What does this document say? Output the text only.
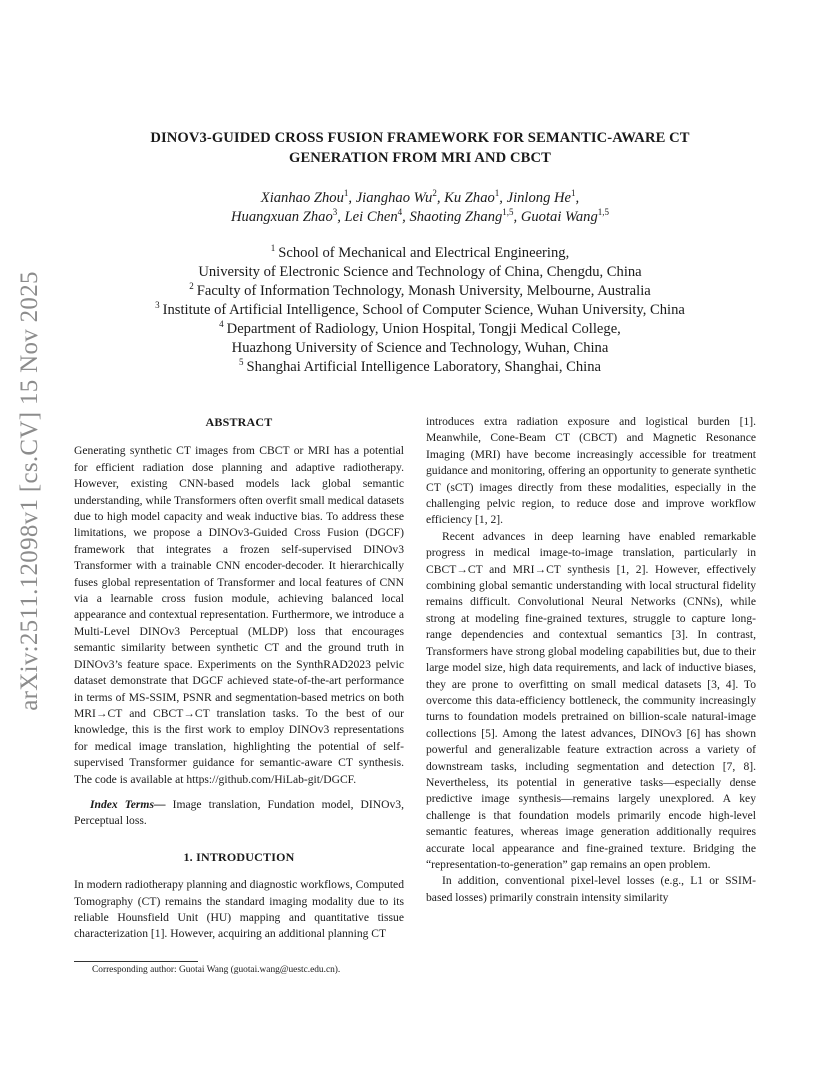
arXiv:2511.12098v1 [cs.CV] 15 Nov 2025
DINOV3-GUIDED CROSS FUSION FRAMEWORK FOR SEMANTIC-AWARE CT
GENERATION FROM MRI AND CBCT
Xianhao Zhou$^1$, Jianghao Wu$^2$, Ku Zhao$^1$, Jinlong He$^1$,
Huangxuan Zhao$^3$, Lei Chen$^4$, Shaoting Zhang$^{1,5}$, Guotai Wang$^{1,5}$
$^1$ School of Mechanical and Electrical Engineering,
University of Electronic Science and Technology of China, Chengdu, China
$^2$ Faculty of Information Technology, Monash University, Melbourne, Australia
$^3$ Institute of Artificial Intelligence, School of Computer Science, Wuhan University, China
$^4$ Department of Radiology, Union Hospital, Tongji Medical College,
Huazhong University of Science and Technology, Wuhan, China
$^5$ Shanghai Artificial Intelligence Laboratory, Shanghai, China
ABSTRACT

Generating synthetic CT images from CBCT or MRI has a potential for efficient radiation dose planning and adaptive radiotherapy. However, existing CNN-based models lack global semantic understanding, while Transformers often overfit small medical datasets due to high model capacity and weak inductive bias. To address these limitations, we propose a DINOv3-Guided Cross Fusion (DGCF) framework that integrates a frozen self-supervised DINOv3 Transformer with a trainable CNN encoder-decoder. It hierarchically fuses global representation of Transformer and local features of CNN via a learnable cross fusion module, achieving balanced local appearance and contextual representation. Furthermore, we introduce a Multi-Level DINOv3 Perceptual (MLDP) loss that encourages semantic similarity between synthetic CT and the ground truth in DINOv3’s feature space. Experiments on the SynthRAD2023 pelvic dataset demonstrate that DGCF achieved state-of-the-art performance in terms of MS-SSIM, PSNR and segmentation-based metrics on both MRI→CT and CBCT→CT translation tasks. To the best of our knowledge, this is the first work to employ DINOv3 representations for medical image translation, highlighting the potential of self-supervised Transformer guidance for semantic-aware CT synthesis. The code is available at https://github.com/HiLab-git/DGCF.

Index Terms— Image translation, Fundation model, DINOv3, Perceptual loss.

1. INTRODUCTION

In modern radiotherapy planning and diagnostic workflows, Computed Tomography (CT) remains the standard imaging modality due to its reliable Hounsfield Unit (HU) mapping and quantitative tissue characterization [1]. However, acquiring an additional planning CT

introduces extra radiation exposure and logistical burden [1]. Meanwhile, Cone-Beam CT (CBCT) and Magnetic Resonance Imaging (MRI) have become increasingly accessible for treatment guidance and monitoring, offering an opportunity to generate synthetic CT (sCT) images directly from these modalities, especially in the challenging pelvic region, to reduce dose and improve workflow efficiency [1, 2].

Recent advances in deep learning have enabled remarkable progress in medical image-to-image translation, particularly in CBCT→CT and MRI→CT synthesis [1, 2]. However, effectively combining global semantic understanding with local structural fidelity remains difficult. Convolutional Neural Networks (CNNs), while strong at modeling fine-grained textures, struggle to capture long-range dependencies and contextual semantics [3]. In contrast, Transformers have strong global modeling capabilities but, due to their large model size, high data requirements, and lack of inductive biases, they are prone to overfitting on small medical datasets [3, 4]. To overcome this data-efficiency bottleneck, the community increasingly turns to foundation models pretrained on billion-scale natural-image collections [5]. Among the latest advances, DINOv3 [6] has shown powerful and generalizable feature extraction across a variety of downstream tasks, including segmentation and detection [7, 8]. Nevertheless, its potential in generative tasks—especially dense predictive image synthesis—remains largely unexplored. A key challenge is that foundation models primarily encode high-level semantic features, whereas image generation additionally requires accurate local appearance and fine-grained texture. Bridging the “representation-to-generation” gap remains an open problem.

In addition, conventional pixel-level losses (e.g., L1 or SSIM-based losses) primarily constrain intensity similarity

Corresponding author: Guotai Wang (guotai.wang@uestc.edu.cn).
